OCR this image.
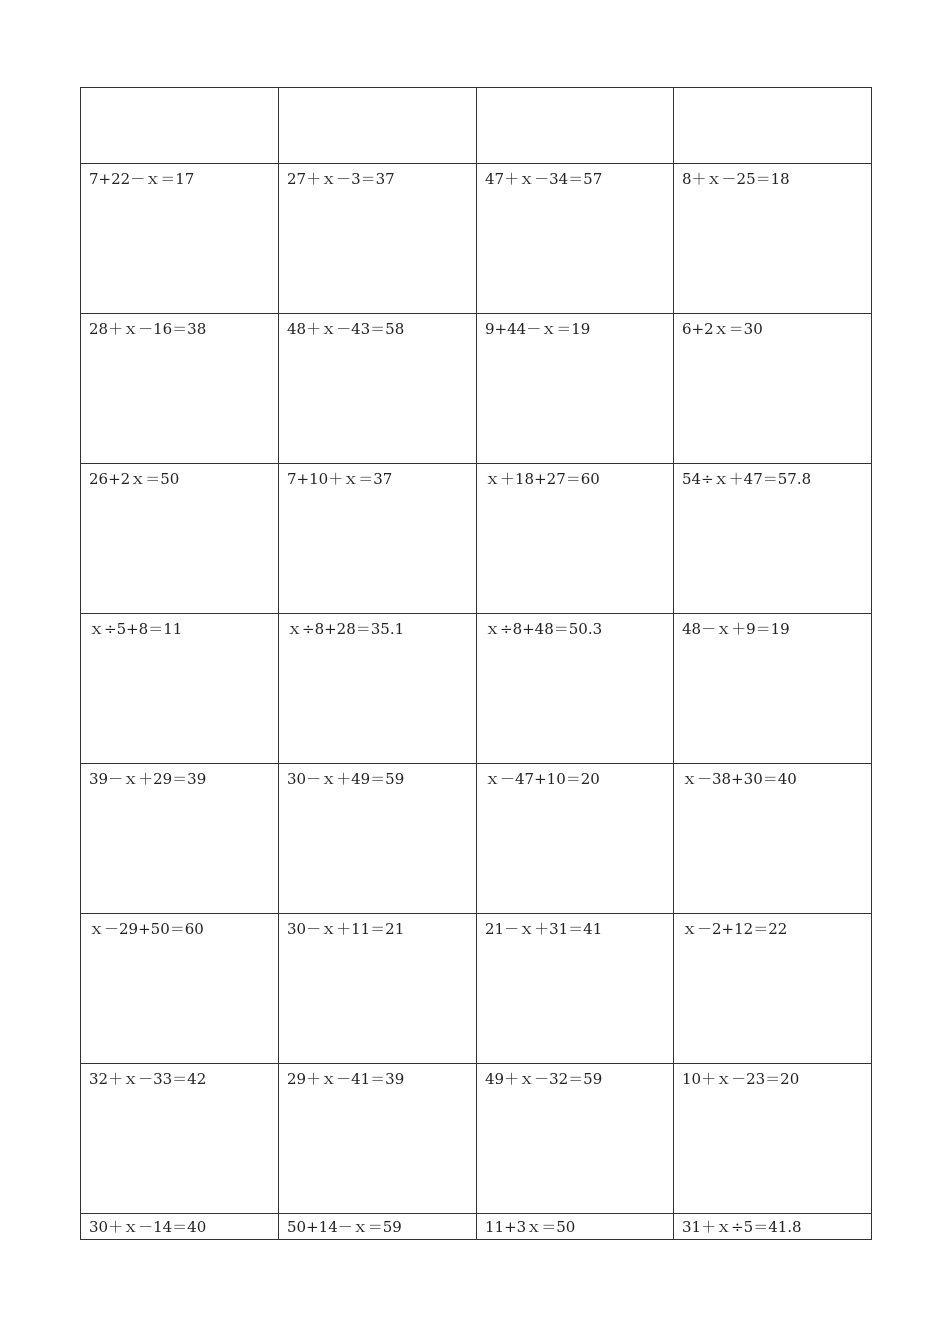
7+22－ｘ＝17	27＋ｘ－3＝37	47＋ｘ－34＝57	8＋ｘ－25＝18
28＋ｘ－16＝38	48＋ｘ－43＝58	9+44－ｘ＝19	6+2ｘ＝30
26+2ｘ＝50	7+10＋ｘ＝37	ｘ＋18+27＝60	54÷ｘ＋47＝57.8
ｘ÷5+8＝11	ｘ÷8+28＝35.1	ｘ÷8+48＝50.3	48－ｘ＋9＝19
39－ｘ＋29＝39	30－ｘ＋49＝59	ｘ－47+10＝20	ｘ－38+30＝40
ｘ－29+50＝60	30－ｘ＋11＝21	21－ｘ＋31＝41	ｘ－2+12＝22
32＋ｘ－33＝42	29＋ｘ－41＝39	49＋ｘ－32＝59	10＋ｘ－23＝20
30＋ｘ－14＝40	50+14－ｘ＝59	11+3ｘ＝50	31＋ｘ÷5＝41.8
